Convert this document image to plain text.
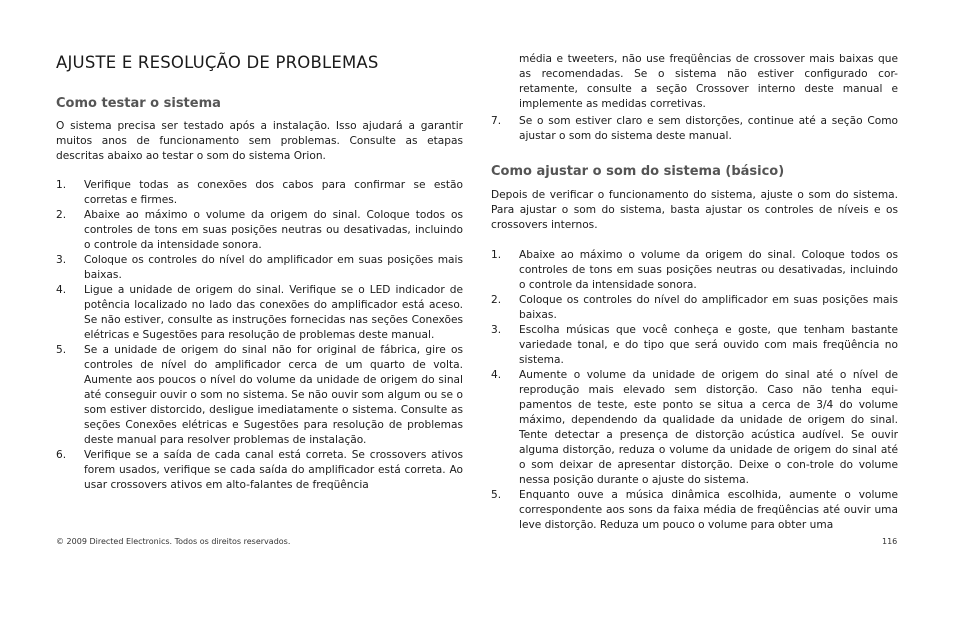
AJUSTE E RESOLUÇÃO DE PROBLEMAS
Como testar o sistema

O sistema precisa ser testado após a instalação. Isso ajudará a garantir muitos anos de funcionamento sem problemas. Consulte as etapas descritas abaixo ao testar o som do sistema Orion.

1. Verifique todas as conexões dos cabos para confirmar se estão corretas e firmes.
2. Abaixe ao máximo o volume da origem do sinal. Coloque todos os controles de tons em suas posições neutras ou desativadas, incluindo o controle da intensidade sonora.
3. Coloque os controles do nível do amplificador em suas posições mais baixas.
4. Ligue a unidade de origem do sinal. Verifique se o LED indicador de potência localizado no lado das conexões do amplificador está aceso. Se não estiver, consulte as instruções fornecidas nas seções Conexões elétricas e Sugestões para resolução de problemas deste manual.
5. Se a unidade de origem do sinal não for original de fábrica, gire os controles de nível do amplificador cerca de um quarto de volta. Aumente aos poucos o nível do volume da unidade de origem do sinal até conseguir ouvir o som no sistema. Se não ouvir som algum ou se o som estiver distorcido, desligue imediatamente o sistema. Consulte as seções Conexões elétricas e Sugestões para resolução de problemas deste manual para resolver problemas de instalação.
6. Verifique se a saída de cada canal está correta. Se crossovers ativos forem usados, verifique se cada saída do amplificador está correta. Ao usar crossovers ativos em alto-falantes de freqüência

média e tweeters, não use freqüências de crossover mais baixas que as recomendadas. Se o sistema não estiver configurado cor-retamente, consulte a seção Crossover interno deste manual e implemente as medidas corretivas.

7. Se o som estiver claro e sem distorções, continue até a seção Como ajustar o som do sistema deste manual.
Como ajustar o som do sistema (básico)

Depois de verificar o funcionamento do sistema, ajuste o som do sistema. Para ajustar o som do sistema, basta ajustar os controles de níveis e os crossovers internos.

1. Abaixe ao máximo o volume da origem do sinal. Coloque todos os controles de tons em suas posições neutras ou desativadas, incluindo o controle da intensidade sonora.
2. Coloque os controles do nível do amplificador em suas posições mais baixas.
3. Escolha músicas que você conheça e goste, que tenham bastante variedade tonal, e do tipo que será ouvido com mais freqüência no sistema.
4. Aumente o volume da unidade de origem do sinal até o nível de reprodução mais elevado sem distorção. Caso não tenha equi-pamentos de teste, este ponto se situa a cerca de 3/4 do volume máximo, dependendo da qualidade da unidade de origem do sinal. Tente detectar a presença de distorção acústica audível. Se ouvir alguma distorção, reduza o volume da unidade de origem do sinal até o som deixar de apresentar distorção. Deixe o con-trole do volume nessa posição durante o ajuste do sistema.
5. Enquanto ouve a música dinâmica escolhida, aumente o volume correspondente aos sons da faixa média de freqüências até ouvir uma leve distorção. Reduza um pouco o volume para obter uma
© 2009 Directed Electronics. Todos os direitos reservados.	116
